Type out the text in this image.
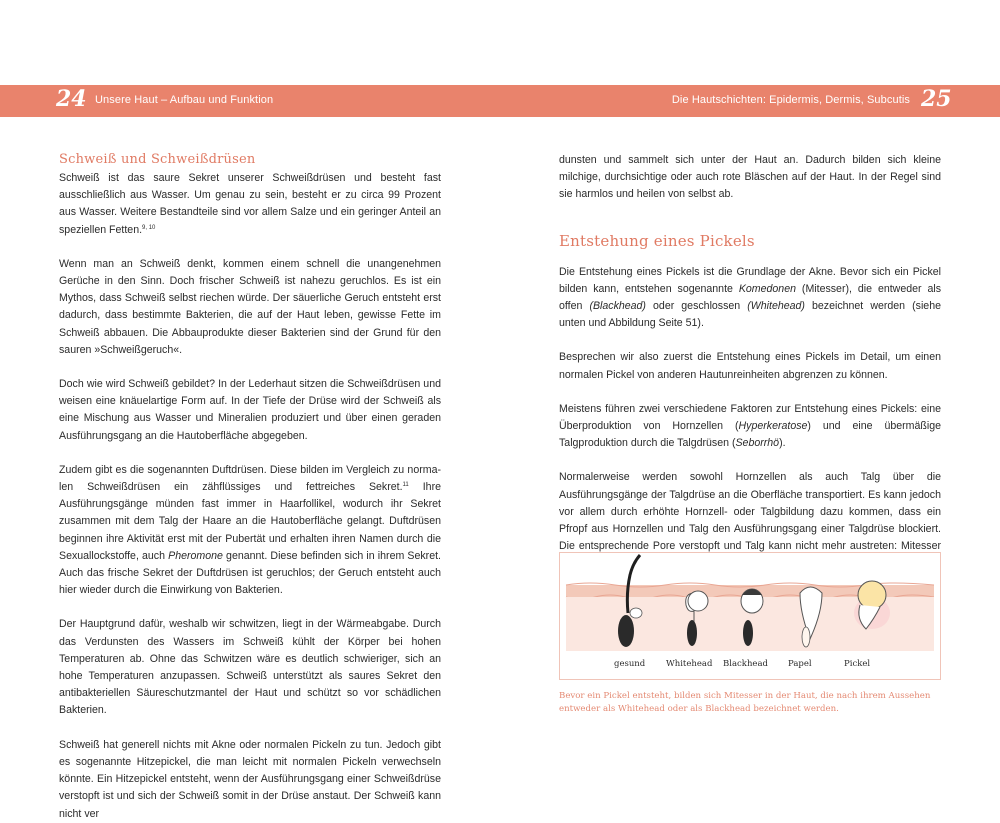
24 Unsere Haut – Aufbau und Funktion	Die Hautschichten: Epidermis, Dermis, Subcutis 25
Schweiß und Schweißdrüsen

Schweiß ist das saure Sekret unserer Schweißdrüsen und besteht fast ausschließlich aus Wasser. Um genau zu sein, besteht er zu circa 99 Prozent aus Wasser. Weitere Bestandteile sind vor allem Salze und ein geringer Anteil an speziellen Fetten.$^{9, 10}$

Wenn man an Schweiß denkt, kommen einem schnell die unangenehmen Gerüche in den Sinn. Doch frischer Schweiß ist nahezu geruchlos. Es ist ein Mythos, dass Schweiß selbst riechen würde. Der säuerliche Geruch entsteht erst dadurch, dass bestimmte Bakterien, die auf der Haut leben, gewisse Fette im Schweiß abbauen. Die Abbauprodukte dieser Bakterien sind der Grund für den sauren »Schweißgeruch«.

Doch wie wird Schweiß gebildet? In der Lederhaut sitzen die Schweißdrüsen und weisen eine knäuelartige Form auf. In der Tiefe der Drüse wird der Schweiß als eine Mischung aus Wasser und Mineralien produziert und über einen geraden Ausführungsgang an die Hautoberfläche abgegeben.

Zudem gibt es die sogenannten Duftdrüsen. Diese bilden im Vergleich zu normalen Schweißdrüsen ein zähflüssiges und fettreiches Sekret.$^{11}$ Ihre Ausführungsgänge münden fast immer in Haarfollikel, wodurch ihr Sekret zusammen mit dem Talg der Haare an die Hautoberfläche gelangt. Duftdrüsen beginnen ihre Aktivität erst mit der Pubertät und erhalten ihren Namen durch die Sexuallockstoffe, auch Pheromone genannt. Diese befinden sich in ihrem Sekret. Auch das frische Sekret der Duftdrüsen ist geruchlos; der Geruch entsteht auch hier wieder durch die Einwirkung von Bakterien.

Der Hauptgrund dafür, weshalb wir schwitzen, liegt in der Wärmeabgabe. Durch das Verdunsten des Wassers im Schweiß kühlt der Körper bei hohen Temperaturen ab. Ohne das Schwitzen wäre es deutlich schwieriger, sich an hohe Temperaturen anzupassen. Schweiß unterstützt als saures Sekret den antibakteriellen Säureschutzmantel der Haut und schützt so vor schädlichen Bakterien.

Schweiß hat generell nichts mit Akne oder normalen Pickeln zu tun. Jedoch gibt es sogenannte Hitzepickel, die man leicht mit normalen Pickeln verwechseln könnte. Ein Hitzepickel entsteht, wenn der Ausführungsgang einer Schweißdrüse verstopft ist und sich der Schweiß somit in der Drüse anstaut. Der Schweiß kann nicht ver

dunsten und sammelt sich unter der Haut an. Dadurch bilden sich kleine milchige, durchsichtige oder auch rote Bläschen auf der Haut. In der Regel sind sie harmlos und heilen von selbst ab.

Entstehung eines Pickels

Die Entstehung eines Pickels ist die Grundlage der Akne. Bevor sich ein Pickel bilden kann, entstehen sogenannte Komedonen (Mitesser), die entweder als offen (Blackhead) oder geschlossen (Whitehead) bezeichnet werden (siehe unten und Abbildung Seite 51).

Besprechen wir also zuerst die Entstehung eines Pickels im Detail, um einen normalen Pickel von anderen Hautunreinheiten abgrenzen zu können.

Meistens führen zwei verschiedene Faktoren zur Entstehung eines Pickels: eine Überproduktion von Hornzellen (Hyperkeratose) und eine übermäßige Talgproduktion durch die Talgdrüsen (Seborrhö).

Normalerweise werden sowohl Hornzellen als auch Talg über die Ausführungsgänge der Talgdrüse an die Oberfläche transportiert. Es kann jedoch vor allem durch erhöhte Hornzell- oder Talgbildung dazu kommen, dass ein Pfropf aus Hornzellen und Talg den Ausführungsgang einer Talgdrüse blockiert. Die entsprechende Pore verstopft und Talg kann nicht mehr austreten: Mitesser

gesund Whitehead Blackhead Papel	Pickel
Bevor ein Pickel entsteht, bilden sich Mitesser in der Haut, die nach ihrem Aussehen entweder als Whitehead oder als Blackhead bezeichnet werden.
